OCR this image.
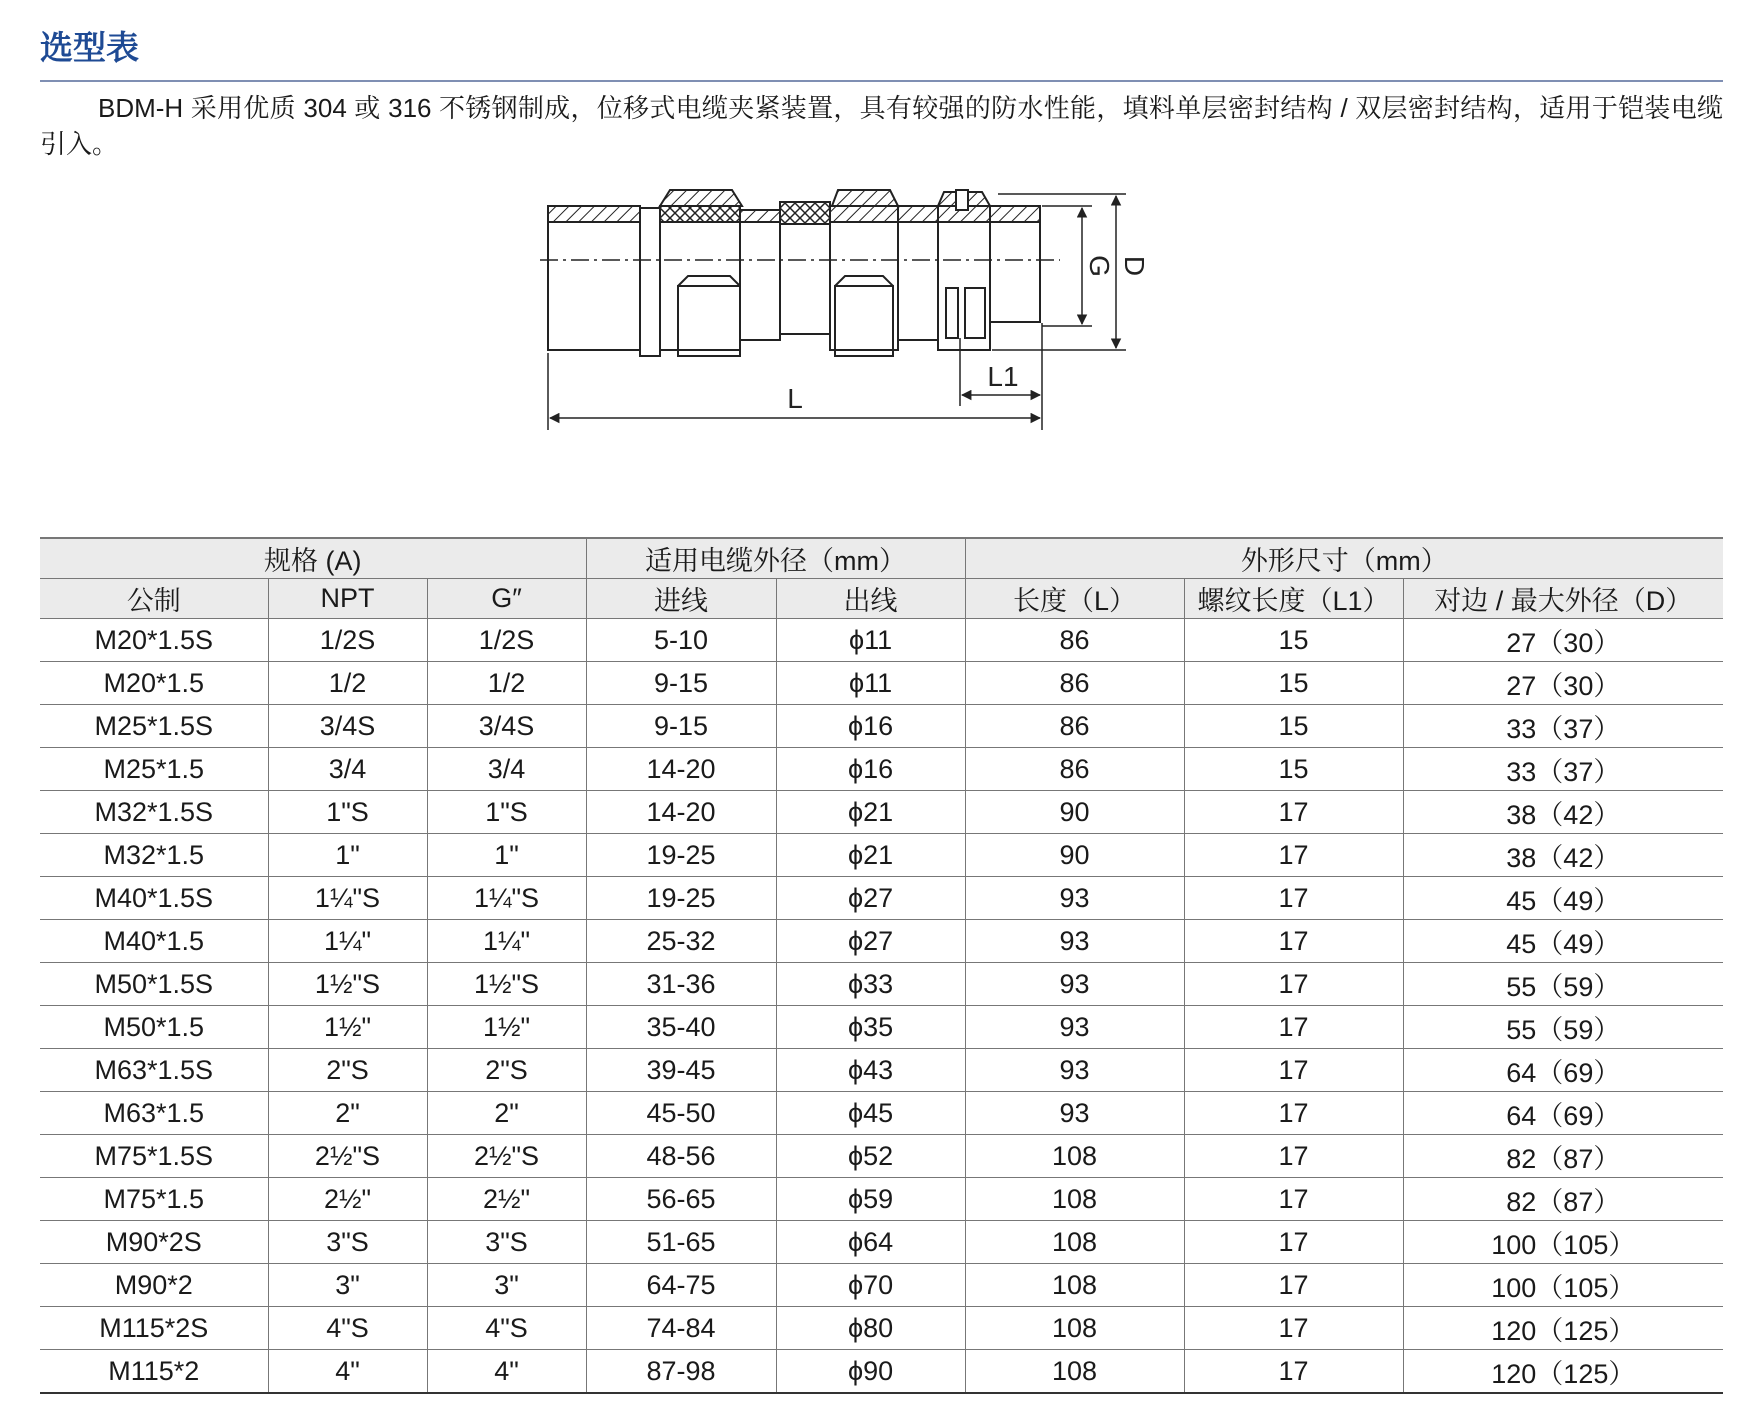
选型表
BDM-H 采用优质 304 或 316 不锈钢制成，位移式电缆夹紧装置，具有较强的防水性能，填料单层密封结构 / 双层密封结构，适用于铠装电缆引入。
L
L1
G D
规格 (A)			适用电缆外径（mm）		外形尺寸（mm）		
公制	NPT	G″	进线	出线	长度（L）	螺纹长度（L1）	对边 / 最大外径（D）
M20*1.5S	1/2S	1/2S	5-10	ϕ11	86	15	27（30）
M20*1.5	1/2	1/2	9-15	ϕ11	86	15	27（30）
M25*1.5S	3/4S	3/4S	9-15	ϕ16	86	15	33（37）
M25*1.5	3/4	3/4	14-20	ϕ16	86	15	33（37）
M32*1.5S	1"S	1"S	14-20	ϕ21	90	17	38（42）
M32*1.5	1"	1"	19-25	ϕ21	90	17	38（42）
M40*1.5S	1¼"S	1¼"S	19-25	ϕ27	93	17	45（49）
M40*1.5	1¼"	1¼"	25-32	ϕ27	93	17	45（49）
M50*1.5S	1½"S	1½"S	31-36	ϕ33	93	17	55（59）
M50*1.5	1½"	1½"	35-40	ϕ35	93	17	55（59）
M63*1.5S	2"S	2"S	39-45	ϕ43	93	17	64（69）
M63*1.5	2"	2"	45-50	ϕ45	93	17	64（69）
M75*1.5S	2½"S	2½"S	48-56	ϕ52	108	17	82（87）
M75*1.5	2½"	2½"	56-65	ϕ59	108	17	82（87）
M90*2S	3"S	3"S	51-65	ϕ64	108	17	100（105）
M90*2	3"	3"	64-75	ϕ70	108	17	100（105）
M115*2S	4"S	4"S	74-84	ϕ80	108	17	120（125）
M115*2	4"	4"	87-98	ϕ90	108	17	120（125）
